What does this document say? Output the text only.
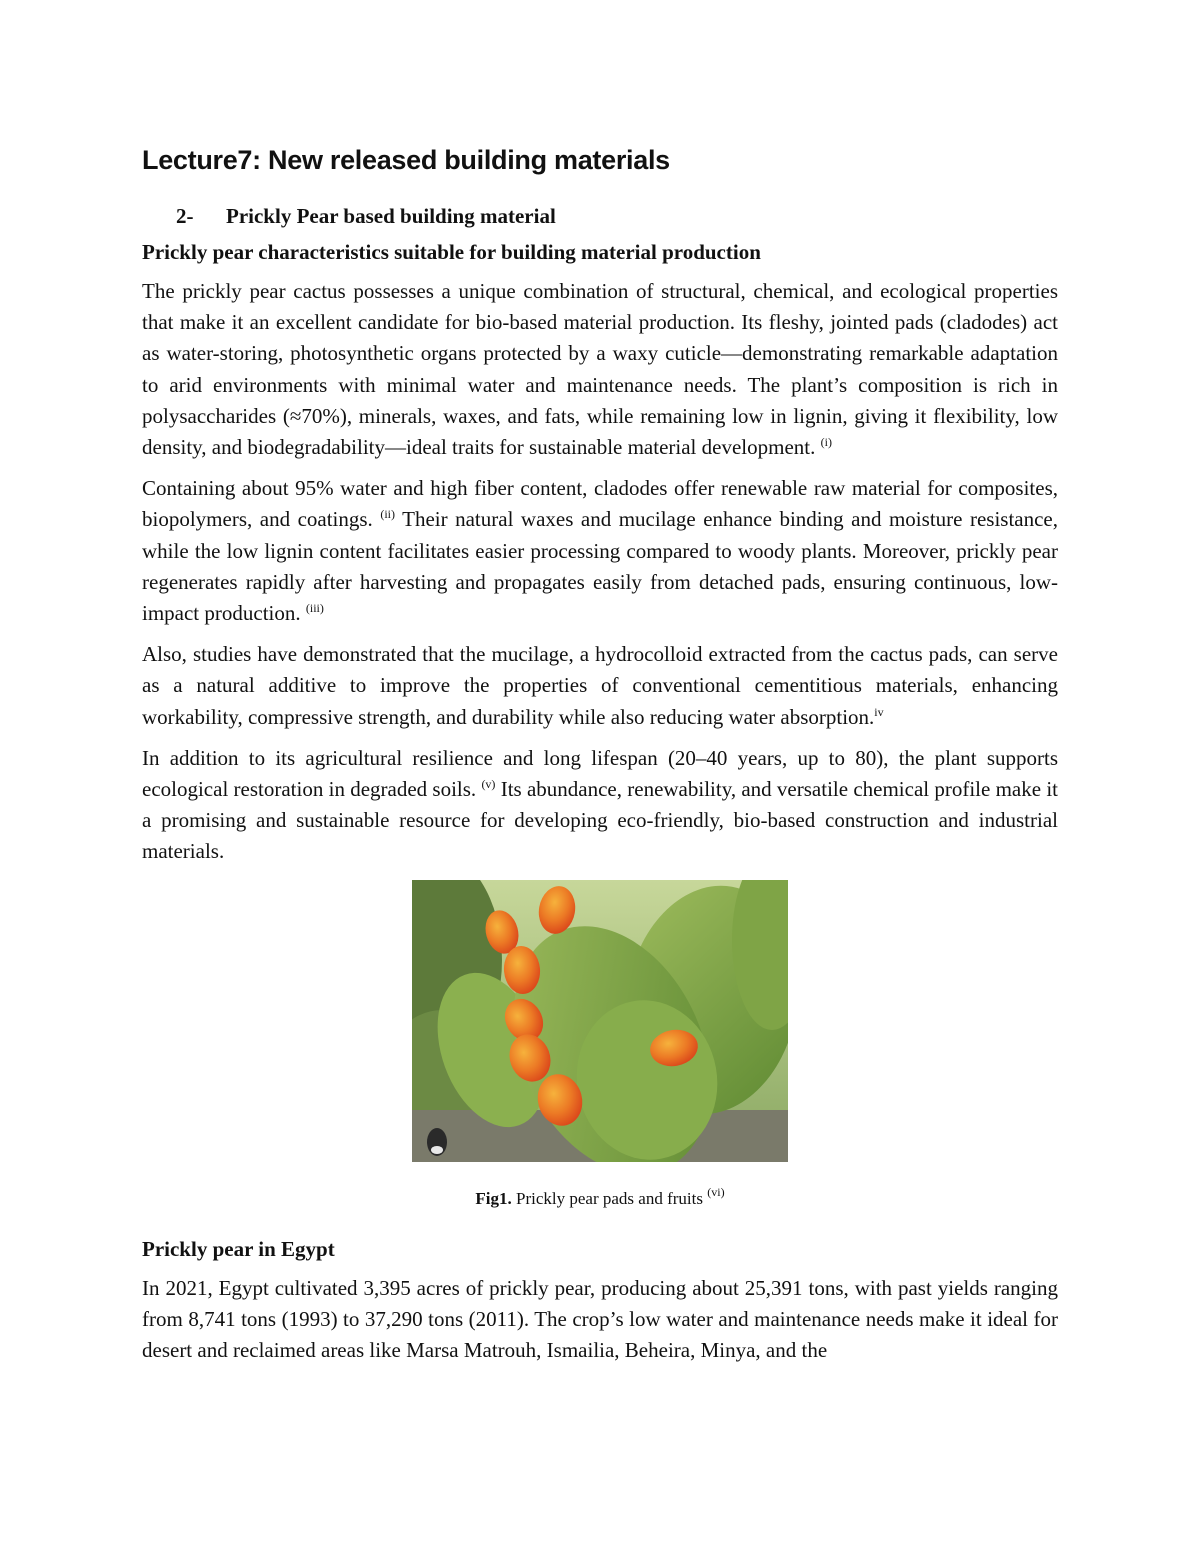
Lecture7: New released building materials
2- Prickly Pear based building material
Prickly pear characteristics suitable for building material production

The prickly pear cactus possesses a unique combination of structural, chemical, and ecological properties that make it an excellent candidate for bio-based material production. Its fleshy, jointed pads (cladodes) act as water-storing, photosynthetic organs protected by a waxy cuticle—demonstrating remarkable adaptation to arid environments with minimal water and maintenance needs. The plant’s composition is rich in polysaccharides (≈70%), minerals, waxes, and fats, while remaining low in lignin, giving it flexibility, low density, and biodegradability—ideal traits for sustainable material development. $^{(i)}$

Containing about 95% water and high fiber content, cladodes offer renewable raw material for composites, biopolymers, and coatings. $^{(ii)}$ Their natural waxes and mucilage enhance binding and moisture resistance, while the low lignin content facilitates easier processing compared to woody plants. Moreover, prickly pear regenerates rapidly after harvesting and propagates easily from detached pads, ensuring continuous, low-impact production. $^{(iii)}$

Also, studies have demonstrated that the mucilage, a hydrocolloid extracted from the cactus pads, can serve as a natural additive to improve the properties of conventional cementitious materials, enhancing workability, compressive strength, and durability while also reducing water absorption.$^{iv}$

In addition to its agricultural resilience and long lifespan (20–40 years, up to 80), the plant supports ecological restoration in degraded soils. $^{(v)}$ Its abundance, renewability, and versatile chemical profile make it a promising and sustainable resource for developing eco-friendly, bio-based construction and industrial materials.

Fig1. Prickly pear pads and fruits $^{(vi)}$
Prickly pear in Egypt

In 2021, Egypt cultivated 3,395 acres of prickly pear, producing about 25,391 tons, with past yields ranging from 8,741 tons (1993) to 37,290 tons (2011). The crop’s low water and maintenance needs make it ideal for desert and reclaimed areas like Marsa Matrouh, Ismailia, Beheira, Minya, and the
